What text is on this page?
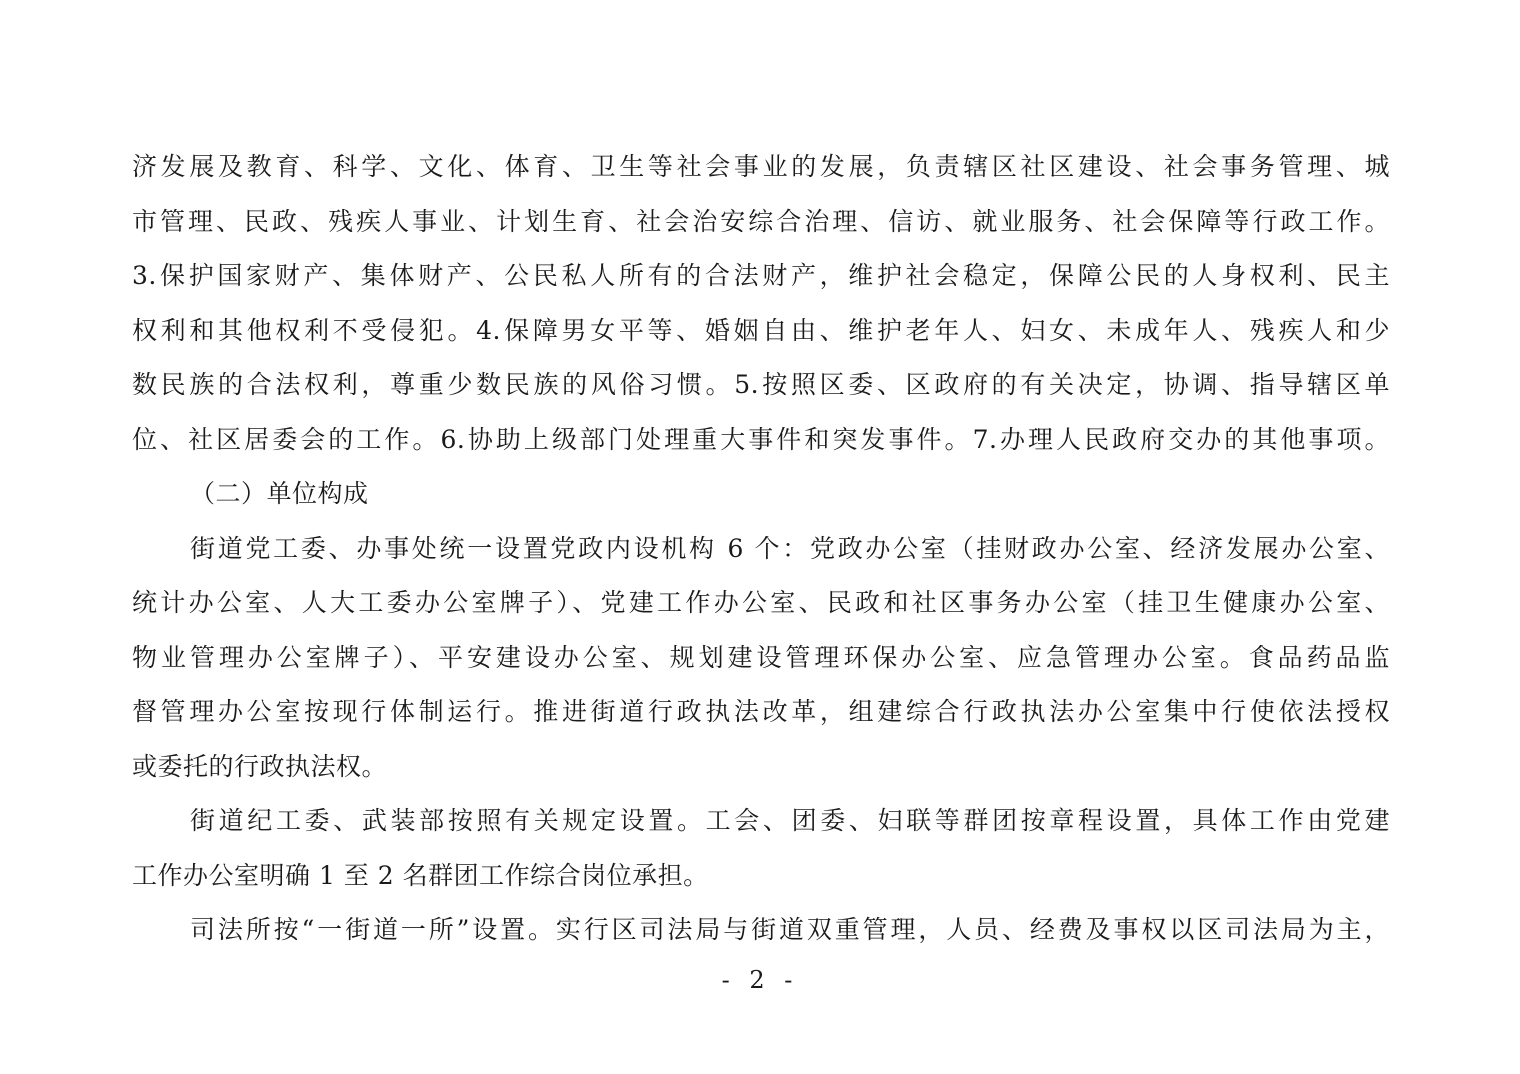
济发展及教育、科学、文化、体育、卫生等社会事业的发展，负责辖区社区建设、社会事务管理、城
市管理、民政、残疾人事业、计划生育、社会治安综合治理、信访、就业服务、社会保障等行政工作。
3.保护国家财产、集体财产、公民私人所有的合法财产，维护社会稳定，保障公民的人身权利、民主
权利和其他权利不受侵犯。4.保障男女平等、婚姻自由、维护老年人、妇女、未成年人、残疾人和少
数民族的合法权利，尊重少数民族的风俗习惯。5.按照区委、区政府的有关决定，协调、指导辖区单
位、社区居委会的工作。6.协助上级部门处理重大事件和突发事件。7.办理人民政府交办的其他事项。
（二）单位构成
街道党工委、办事处统一设置党政内设机构 6 个：党政办公室（挂财政办公室、经济发展办公室、
统计办公室、人大工委办公室牌子）、党建工作办公室、民政和社区事务办公室（挂卫生健康办公室、
物业管理办公室牌子）、平安建设办公室、规划建设管理环保办公室、应急管理办公室。食品药品监
督管理办公室按现行体制运行。推进街道行政执法改革，组建综合行政执法办公室集中行使依法授权
或委托的行政执法权。
街道纪工委、武装部按照有关规定设置。工会、团委、妇联等群团按章程设置，具体工作由党建
工作办公室明确 1 至 2 名群团工作综合岗位承担。
司法所按“一街道一所”设置。实行区司法局与街道双重管理，人员、经费及事权以区司法局为主，
- 2 -
